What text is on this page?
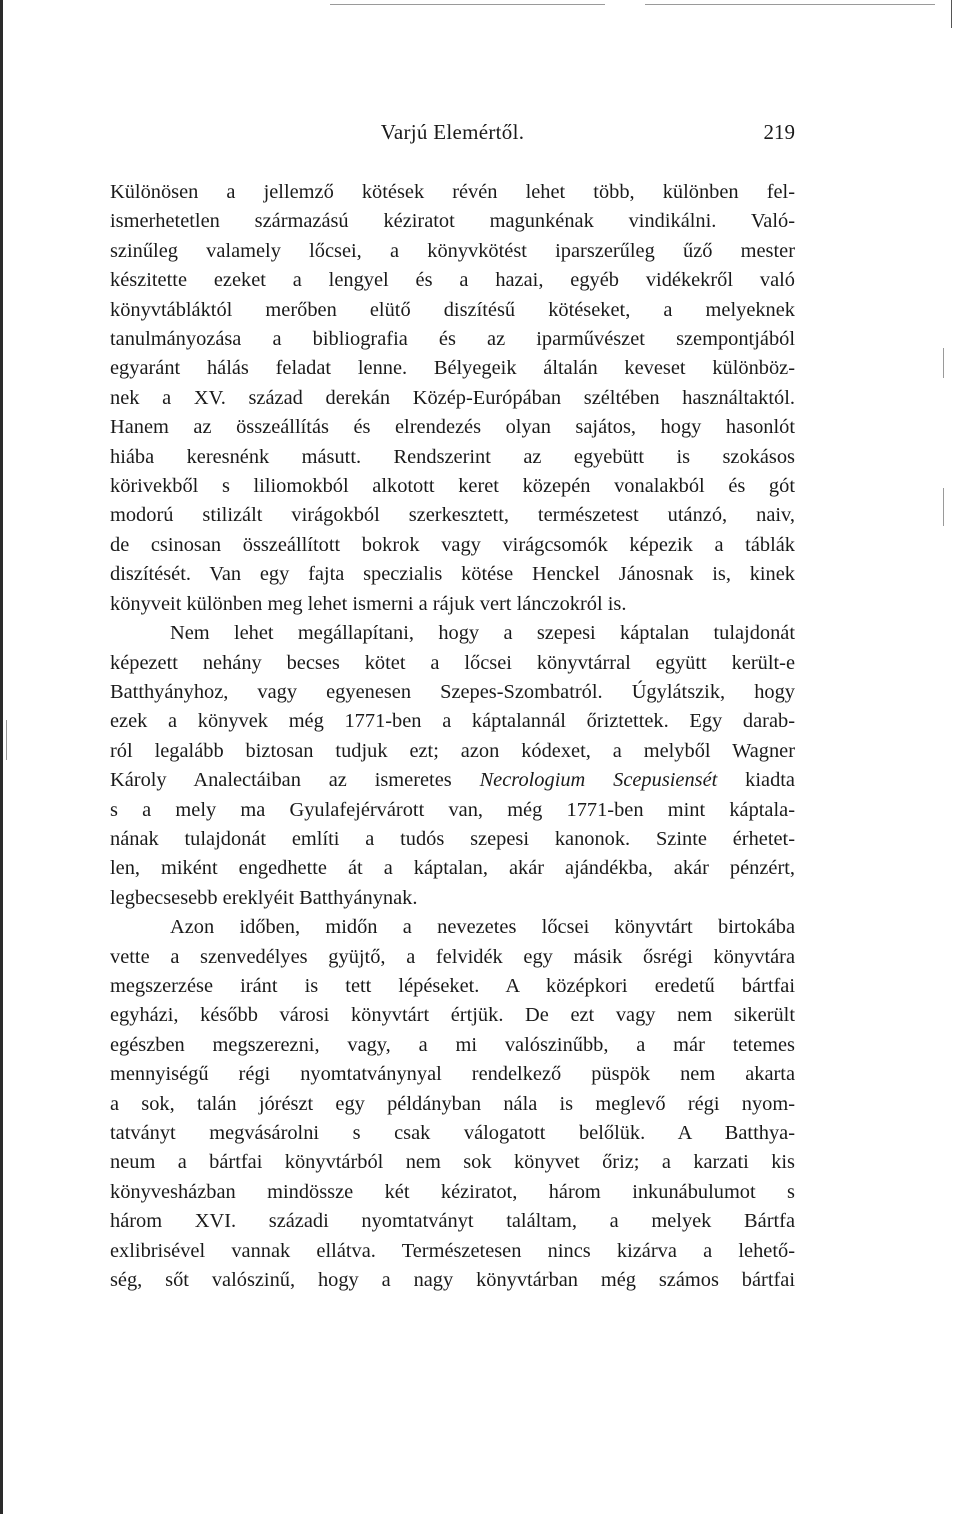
Varjú Elemértől.	219

Különösen a jellemző kötések révén lehet több, különben fel-
ismerhetetlen származású kéziratot magunkénak vindikálni. Való-
szinűleg valamely lőcsei, a könyvkötést iparszerűleg űző mester
készitette ezeket a lengyel és a hazai, egyéb vidékekről való
könyvtábláktól merőben elütő diszítésű kötéseket, a melyeknek
tanulmányozása a bibliografia és az iparművészet szempontjából
egyaránt hálás feladat lenne. Bélyegeik általán keveset különböz-
nek a XV. század derekán Közép-Európában széltében használtaktól.
Hanem az összeállítás és elrendezés olyan sajátos, hogy hasonlót
hiába keresnénk másutt. Rendszerint az egyebütt is szokásos
körivekből s liliomokból alkotott keret közepén vonalakból és gót
modorú stilizált virágokból szerkesztett, természetest utánzó, naiv,
de csinosan összeállított bokrok vagy virágcsomók képezik a táblák
diszítését. Van egy fajta speczialis kötése Henckel Jánosnak is, kinek
könyveit különben meg lehet ismerni a rájuk vert lánczokról is.

Nem lehet megállapítani, hogy a szepesi káptalan tulajdonát
képezett nehány becses kötet a lőcsei könyvtárral együtt került-e
Batthyányhoz, vagy egyenesen Szepes-Szombatról. Úgylátszik, hogy
ezek a könyvek még 1771-ben a káptalannál őriztettek. Egy darab-
ról legalább biztosan tudjuk ezt; azon kódexet, a melyből Wagner
Károly Analectáiban az ismeretes Necrologium Scepusiensét kiadta
s a mely ma Gyulafejérvárott van, még 1771-ben mint káptala-
nának tulajdonát említi a tudós szepesi kanonok. Szinte érhetet-
len, miként engedhette át a káptalan, akár ajándékba, akár pénzért,
legbecsesebb ereklyéit Batthyánynak.

Azon időben, midőn a nevezetes lőcsei könyvtárt birtokába
vette a szenvedélyes gyüjtő, a felvidék egy másik ősrégi könyvtára
megszerzése iránt is tett lépéseket. A középkori eredetű bártfai
egyházi, később városi könyvtárt értjük. De ezt vagy nem sikerült
egészben megszerezni, vagy, a mi valószinűbb, a már tetemes
mennyiségű régi nyomtatványnyal rendelkező püspök nem akarta
a sok, talán jórészt egy példányban nála is meglevő régi nyom-
tatványt megvásárolni s csak válogatott belőlük. A Batthya-
neum a bártfai könyvtárból nem sok könyvet őriz; a karzati kis
könyvesházban mindössze két kéziratot, három inkunábulumot s
három XVI. századi nyomtatványt találtam, a melyek Bártfa
exlibrisével vannak ellátva. Természetesen nincs kizárva a lehető-
ség, sőt valószinű, hogy a nagy könyvtárban még számos bártfai
